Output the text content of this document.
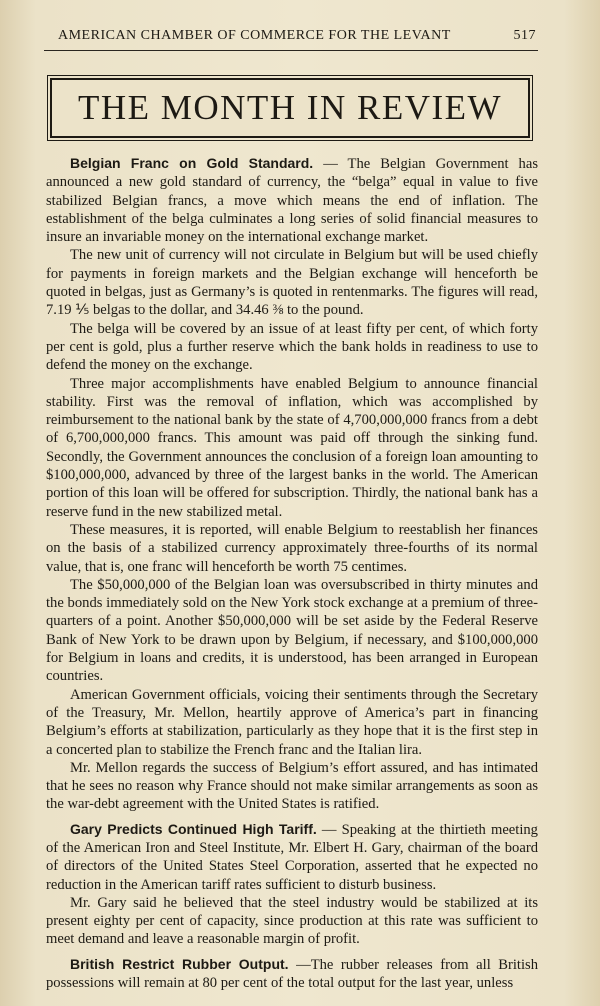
AMERICAN CHAMBER OF COMMERCE FOR THE LEVANT	517
THE MONTH IN REVIEW

Belgian Franc on Gold Standard. — The Belgian Government has announced a new gold standard of currency, the “belga” equal in value to five stabilized Belgian francs, a move which means the end of inflation. The establishment of the belga culminates a long series of solid financial measures to insure an invariable money on the international exchange market.

The new unit of currency will not circulate in Belgium but will be used chiefly for payments in foreign markets and the Belgian exchange will henceforth be quoted in belgas, just as Germany’s is quoted in rentenmarks. The figures will read, 7.19 ⅕ belgas to the dollar, and 34.46 ⅜ to the pound.

The belga will be covered by an issue of at least fifty per cent, of which forty per cent is gold, plus a further reserve which the bank holds in readiness to use to defend the money on the exchange.

Three major accomplishments have enabled Belgium to announce financial stability. First was the removal of inflation, which was accomplished by reimbursement to the national bank by the state of 4,700,000,000 francs from a debt of 6,700,000,000 francs. This amount was paid off through the sinking fund. Secondly, the Government announces the conclusion of a foreign loan amounting to $100,000,000, advanced by three of the largest banks in the world. The American portion of this loan will be offered for subscription. Thirdly, the national bank has a reserve fund in the new stabilized metal.

These measures, it is reported, will enable Belgium to reestablish her finances on the basis of a stabilized currency approximately three-fourths of its normal value, that is, one franc will henceforth be worth 75 centimes.

The $50,000,000 of the Belgian loan was oversubscribed in thirty minutes and the bonds immediately sold on the New York stock exchange at a premium of three-quarters of a point. Another $50,000,000 will be set aside by the Federal Reserve Bank of New York to be drawn upon by Belgium, if necessary, and $100,000,000 for Belgium in loans and credits, it is understood, has been arranged in European countries.

American Government officials, voicing their sentiments through the Secretary of the Treasury, Mr. Mellon, heartily approve of America’s part in financing Belgium’s efforts at stabilization, particularly as they hope that it is the first step in a concerted plan to stabilize the French franc and the Italian lira.

Mr. Mellon regards the success of Belgium’s effort assured, and has intimated that he sees no reason why France should not make similar arrangements as soon as the war-debt agreement with the United States is ratified.

Gary Predicts Continued High Tariff. — Speaking at the thirtieth meeting of the American Iron and Steel Institute, Mr. Elbert H. Gary, chairman of the board of directors of the United States Steel Corporation, asserted that he expected no reduction in the American tariff rates sufficient to disturb business.

Mr. Gary said he believed that the steel industry would be stabilized at its present eighty per cent of capacity, since production at this rate was sufficient to meet demand and leave a reasonable margin of profit.

British Restrict Rubber Output. —The rubber releases from all British possessions will remain at 80 per cent of the total output for the last year, unless
